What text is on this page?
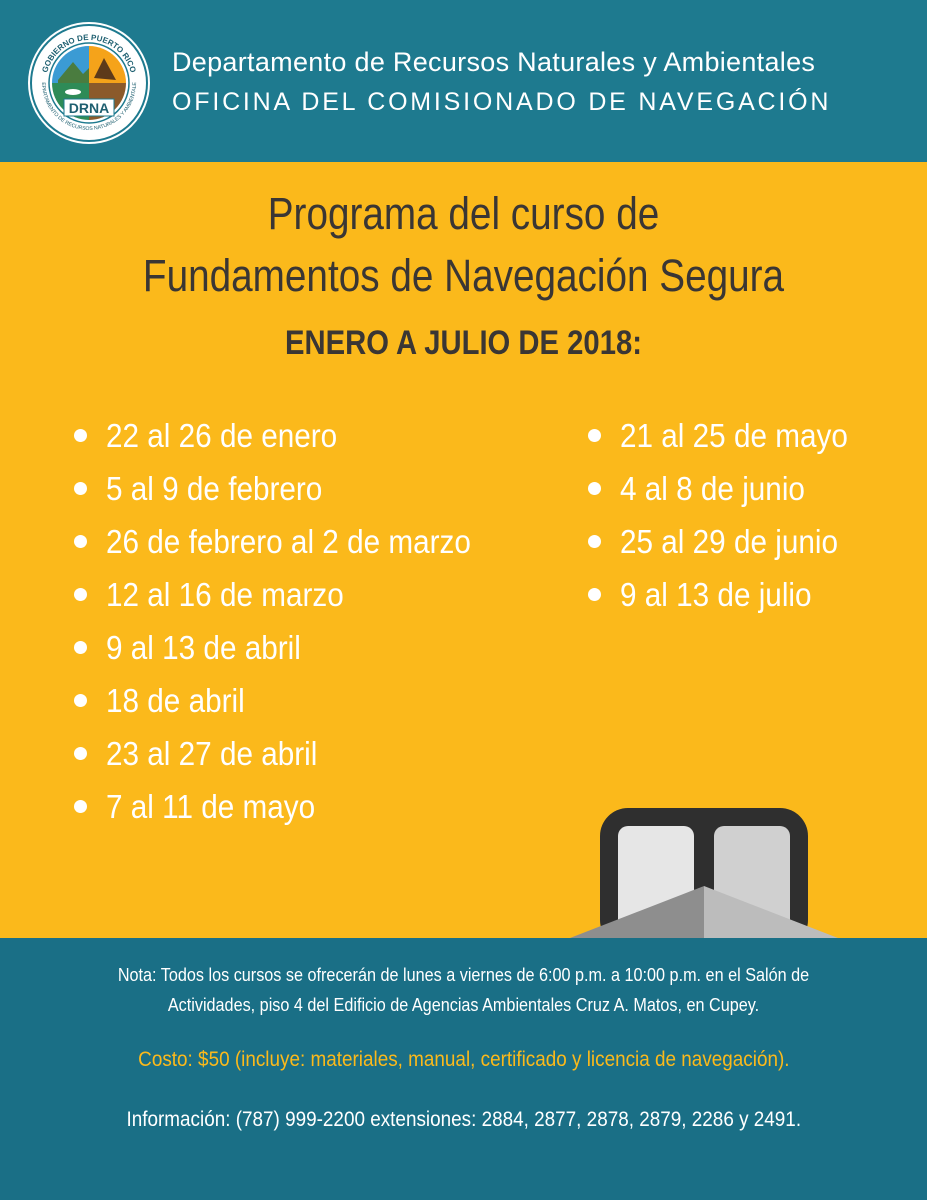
GOBIERNO DE PUERTO RICO
DRNA
EPARTAMENTO DE RECURSOS NATURALES Y AMBIENTALE
Departamento de Recursos Naturales y Ambientales
OFICINA DEL COMISIONADO DE NAVEGACIÓN
Programa del curso de
Fundamentos de Navegación Segura
ENERO A JULIO DE 2018:
22 al 26 de enero
5 al 9 de febrero
26 de febrero al 2 de marzo
12 al 16 de marzo
9 al 13 de abril
18 de abril
23 al 27 de abril
7 al 11 de mayo
21 al 25 de mayo
4 al 8 de junio
25 al 29 de junio
9 al 13 de julio
Nota: Todos los cursos se ofrecerán de lunes a viernes de 6:00 p.m. a 10:00 p.m. en el Salón de Actividades, piso 4 del Edificio de Agencias Ambientales Cruz A. Matos, en Cupey.
Costo: $50 (incluye: materiales, manual, certificado y licencia de navegación).
Información: (787) 999-2200 extensiones: 2884, 2877, 2878, 2879, 2286 y 2491.
